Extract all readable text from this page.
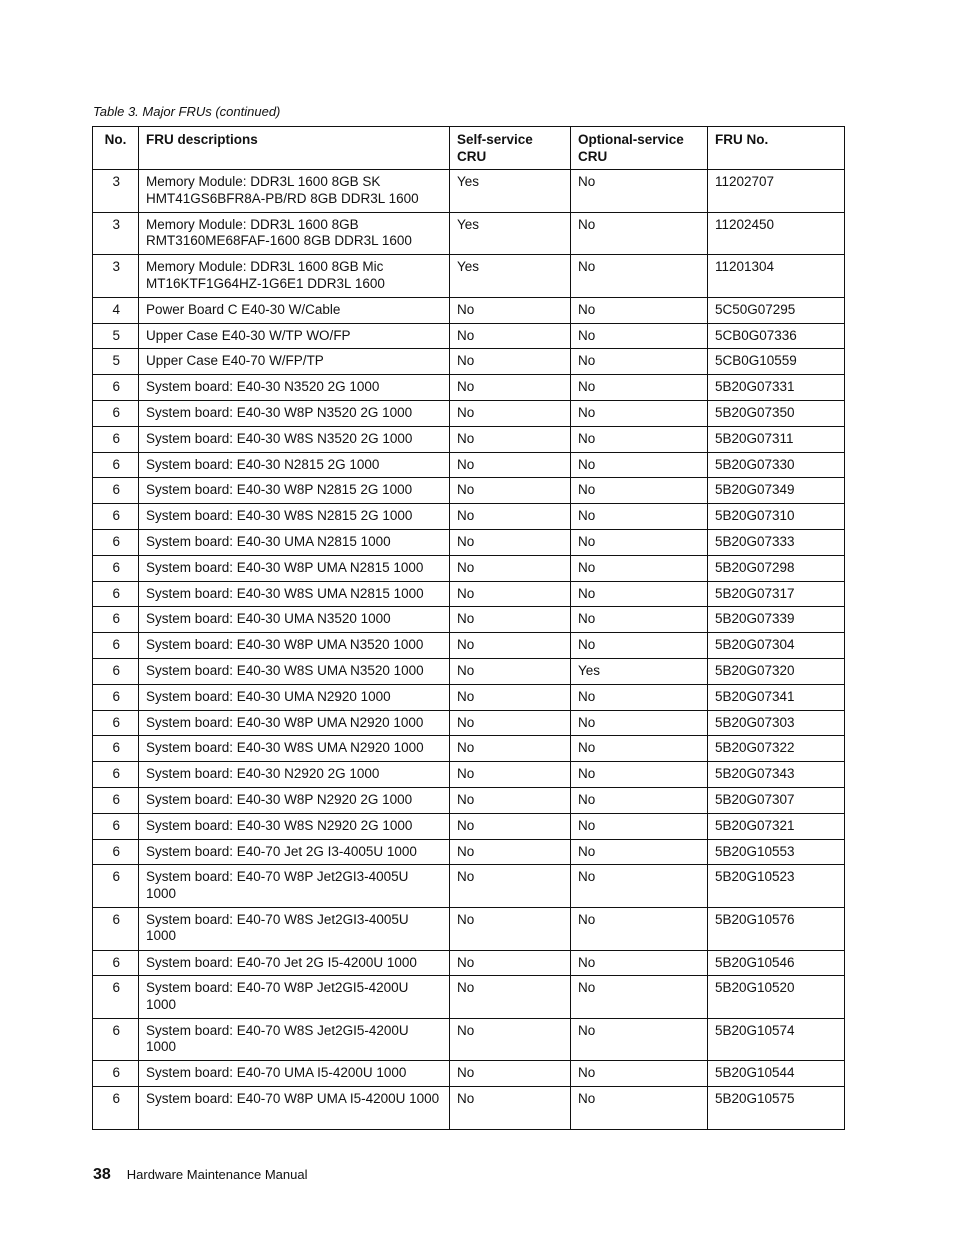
Table 3. Major FRUs (continued)
No.	FRU descriptions	Self-service CRU	Optional-service CRU	FRU No.
3	Memory Module: DDR3L 1600 8GB SK HMT41GS6BFR8A-PB/RD 8GB DDR3L 1600	Yes	No	11202707
3	Memory Module: DDR3L 1600 8GB RMT3160ME68FAF-1600 8GB DDR3L 1600	Yes	No	11202450
3	Memory Module: DDR3L 1600 8GB Mic MT16KTF1G64HZ-1G6E1 DDR3L 1600	Yes	No	11201304
4	Power Board C E40-30 W/Cable	No	No	5C50G07295
5	Upper Case E40-30 W/TP WO/FP	No	No	5CB0G07336
5	Upper Case E40-70 W/FP/TP	No	No	5CB0G10559
6	System board: E40-30 N3520 2G 1000	No	No	5B20G07331
6	System board: E40-30 W8P N3520 2G 1000	No	No	5B20G07350
6	System board: E40-30 W8S N3520 2G 1000	No	No	5B20G07311
6	System board: E40-30 N2815 2G 1000	No	No	5B20G07330
6	System board: E40-30 W8P N2815 2G 1000	No	No	5B20G07349
6	System board: E40-30 W8S N2815 2G 1000	No	No	5B20G07310
6	System board: E40-30 UMA N2815 1000	No	No	5B20G07333
6	System board: E40-30 W8P UMA N2815 1000	No	No	5B20G07298
6	System board: E40-30 W8S UMA N2815 1000	No	No	5B20G07317
6	System board: E40-30 UMA N3520 1000	No	No	5B20G07339
6	System board: E40-30 W8P UMA N3520 1000	No	No	5B20G07304
6	System board: E40-30 W8S UMA N3520 1000	No	Yes	5B20G07320
6	System board: E40-30 UMA N2920 1000	No	No	5B20G07341
6	System board: E40-30 W8P UMA N2920 1000	No	No	5B20G07303
6	System board: E40-30 W8S UMA N2920 1000	No	No	5B20G07322
6	System board: E40-30 N2920 2G 1000	No	No	5B20G07343
6	System board: E40-30 W8P N2920 2G 1000	No	No	5B20G07307
6	System board: E40-30 W8S N2920 2G 1000	No	No	5B20G07321
6	System board: E40-70 Jet 2G I3-4005U 1000	No	No	5B20G10553
6	System board: E40-70 W8P Jet2GI3-4005U 1000	No	No	5B20G10523
6	System board: E40-70 W8S Jet2GI3-4005U 1000	No	No	5B20G10576
6	System board: E40-70 Jet 2G I5-4200U 1000	No	No	5B20G10546
6	System board: E40-70 W8P Jet2GI5-4200U 1000	No	No	5B20G10520
6	System board: E40-70 W8S Jet2GI5-4200U 1000	No	No	5B20G10574
6	System board: E40-70 UMA I5-4200U 1000	No	No	5B20G10544
6	System board: E40-70 W8P UMA I5-4200U 1000	No	No	5B20G10575
38 Hardware Maintenance Manual
